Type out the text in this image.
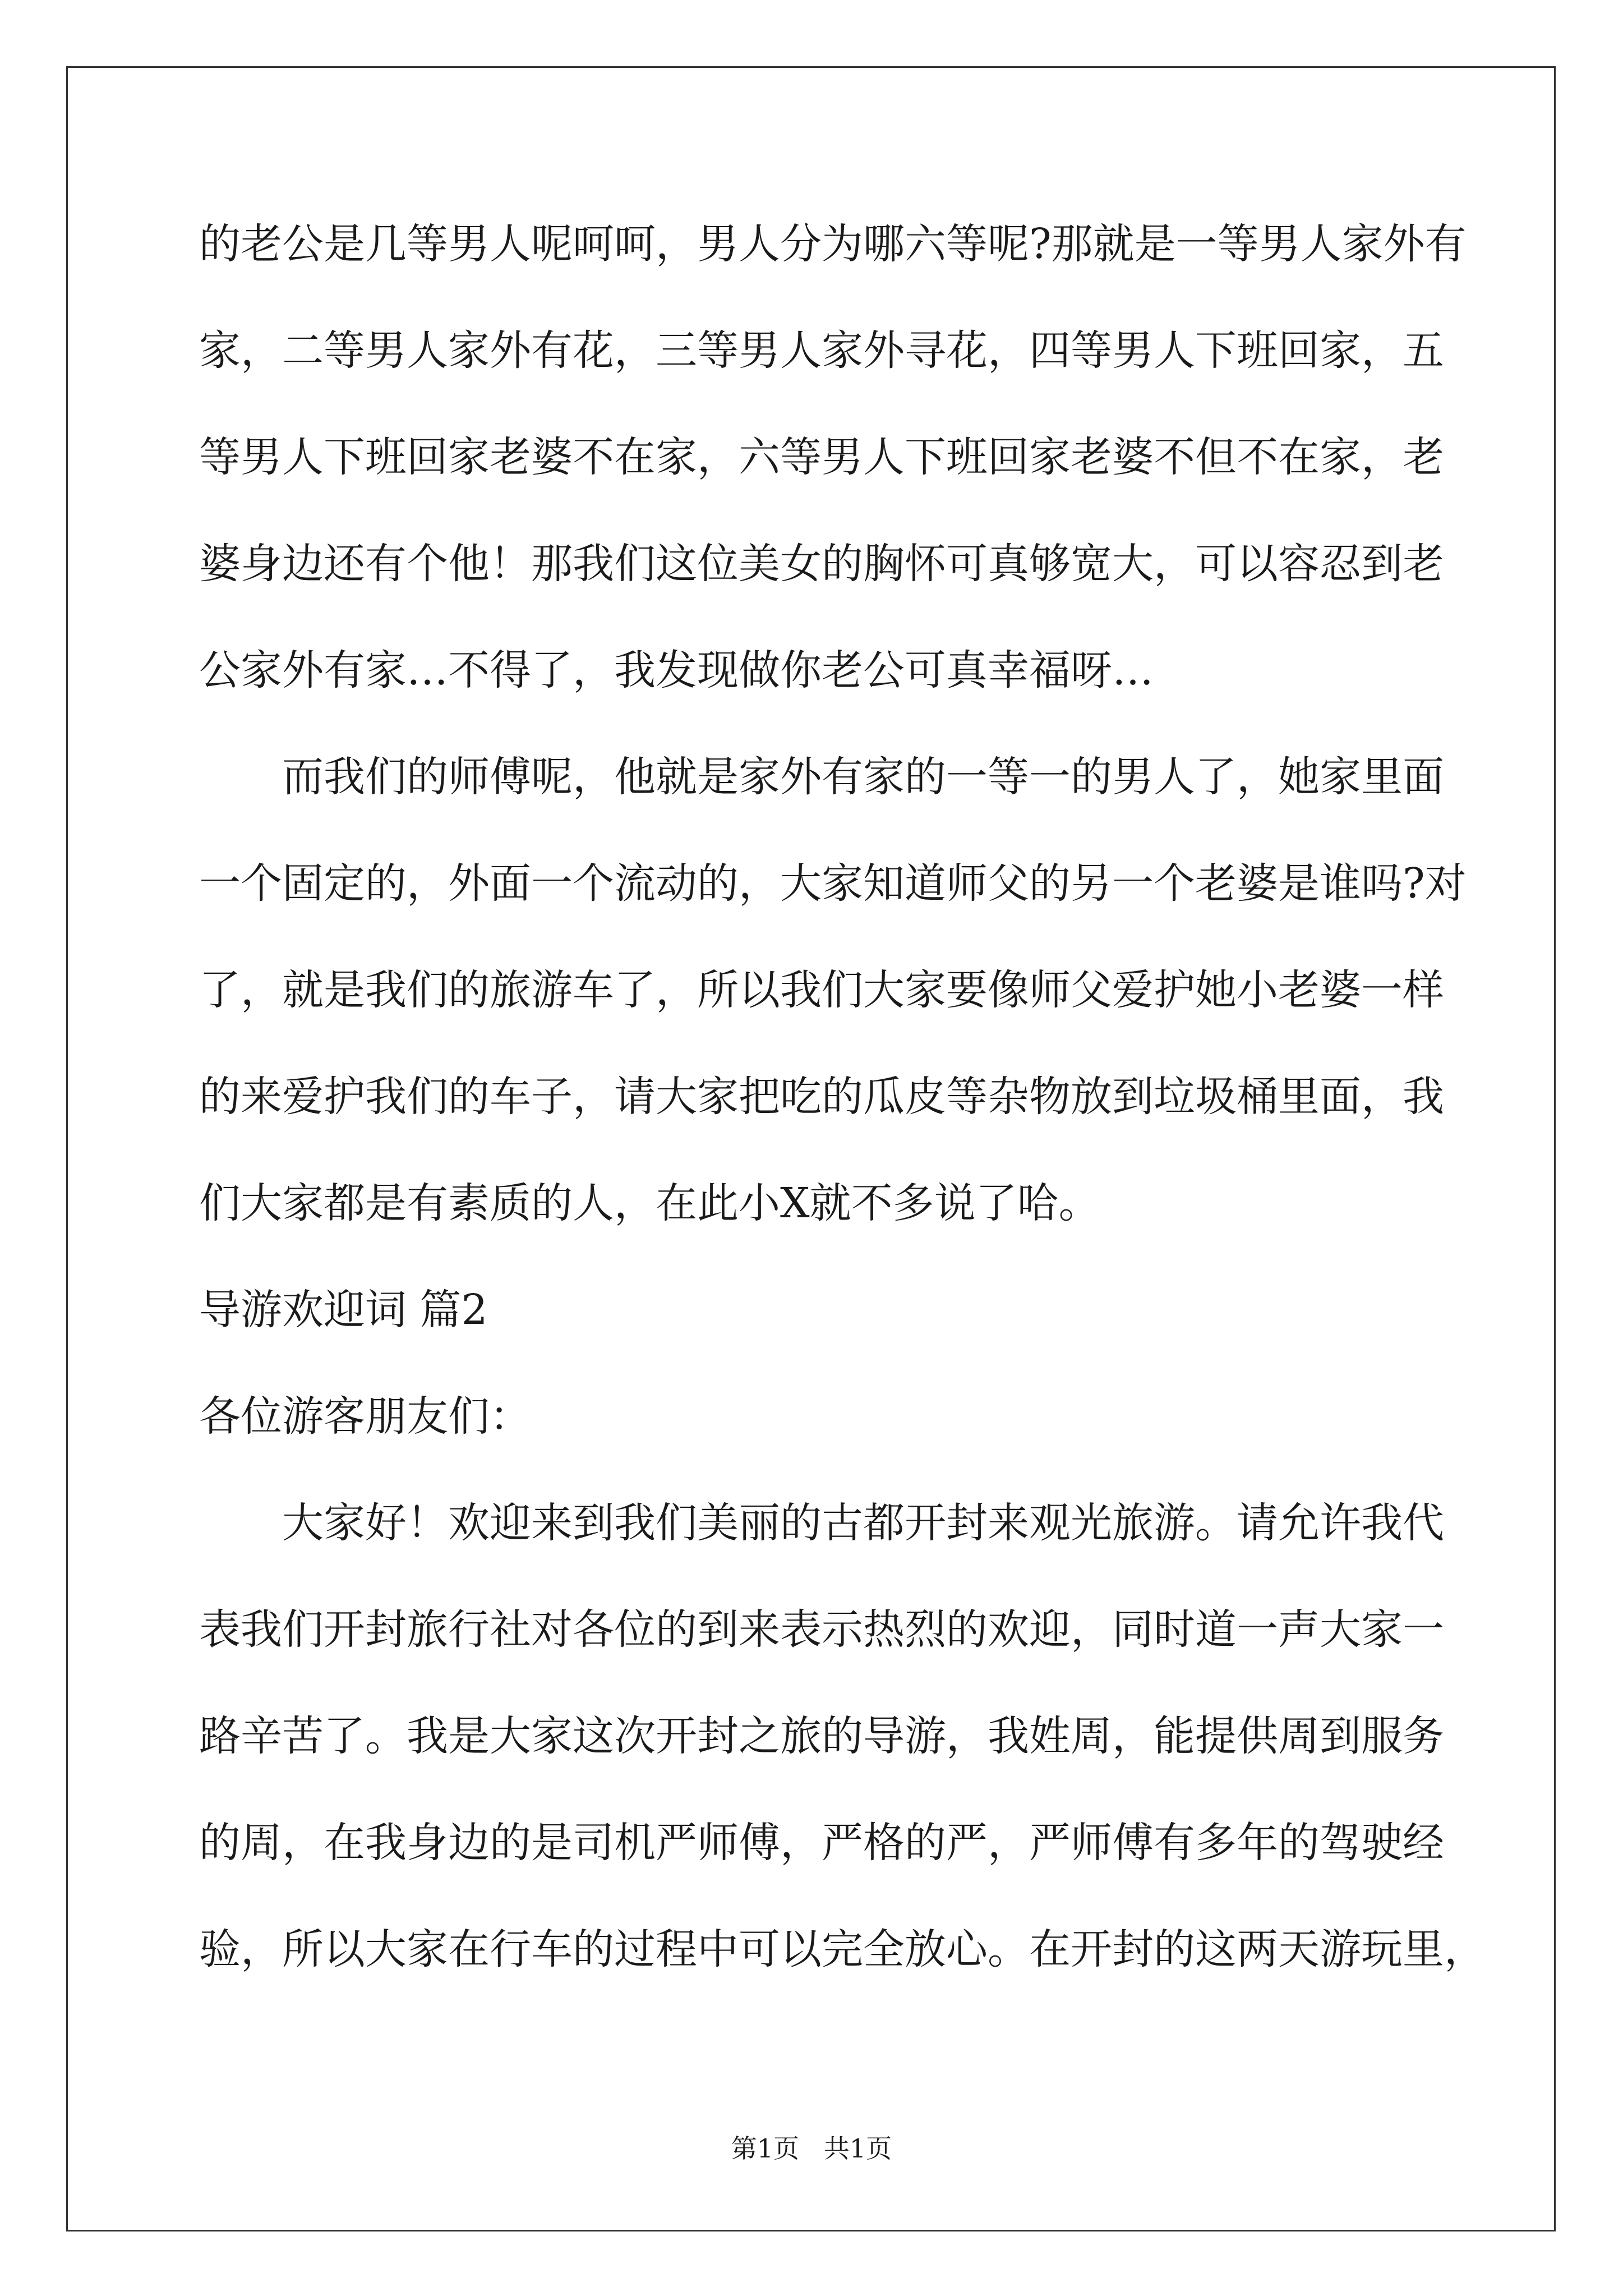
的老公是几等男人呢呵呵，男人分为哪六等呢?那就是一等男人家外有
家，二等男人家外有花，三等男人家外寻花，四等男人下班回家，五
等男人下班回家老婆不在家，六等男人下班回家老婆不但不在家，老
婆身边还有个他！那我们这位美女的胸怀可真够宽大，可以容忍到老
公家外有家…不得了，我发现做你老公可真幸福呀…
而我们的师傅呢，他就是家外有家的一等一的男人了，她家里面
一个固定的，外面一个流动的，大家知道师父的另一个老婆是谁吗?对
了，就是我们的旅游车了，所以我们大家要像师父爱护她小老婆一样
的来爱护我们的车子，请大家把吃的瓜皮等杂物放到垃圾桶里面，我
们大家都是有素质的人，在此小X就不多说了哈。
导游欢迎词 篇2
各位游客朋友们：
大家好！欢迎来到我们美丽的古都开封来观光旅游。请允许我代
表我们开封旅行社对各位的到来表示热烈的欢迎，同时道一声大家一
路辛苦了。我是大家这次开封之旅的导游，我姓周，能提供周到服务
的周，在我身边的是司机严师傅，严格的严，严师傅有多年的驾驶经
验，所以大家在行车的过程中可以完全放心。在开封的这两天游玩里，
第1页   共1页
